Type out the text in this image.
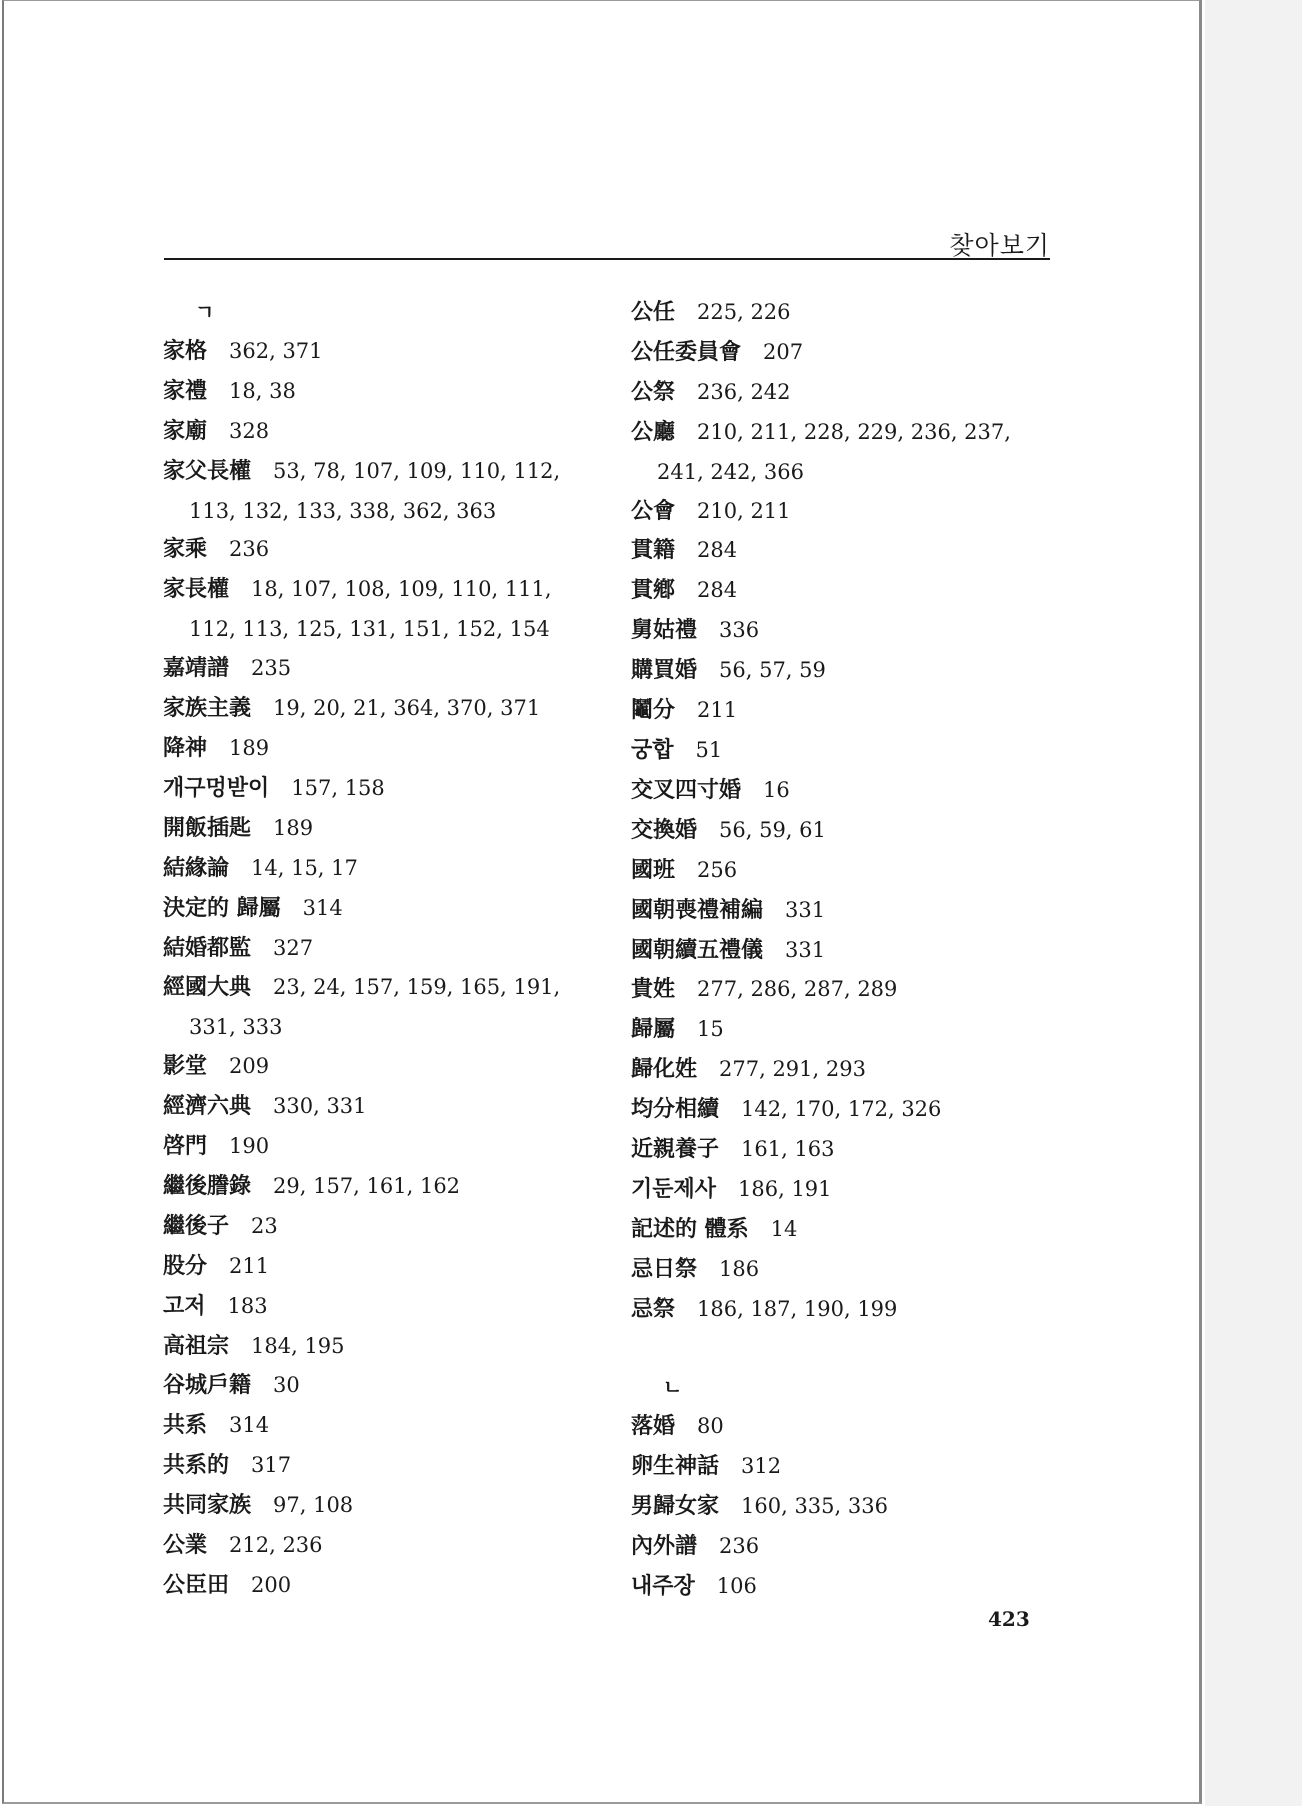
찾아보기
ㄱ
家格 362, 371
家禮 18, 38
家廟 328
家父長權 53, 78, 107, 109, 110, 112,
113, 132, 133, 338, 362, 363
家乘 236
家長權 18, 107, 108, 109, 110, 111,
112, 113, 125, 131, 151, 152, 154
嘉靖譜 235
家族主義 19, 20, 21, 364, 370, 371
降神 189
개구멍받이 157, 158
開飯插匙 189
結緣論 14, 15, 17
決定的 歸屬 314
結婚都監 327
經國大典 23, 24, 157, 159, 165, 191,
331, 333
影堂 209
經濟六典 330, 331
啓門 190
繼後謄錄 29, 157, 161, 162
繼後子 23
股分 211
고저 183
高祖宗 184, 195
谷城戶籍 30
共系 314
共系的 317
共同家族 97, 108
公業 212, 236
公臣田 200
公任 225, 226
公任委員會 207
公祭 236, 242
公廳 210, 211, 228, 229, 236, 237,
241, 242, 366
公會 210, 211
貫籍 284
貫鄕 284
舅姑禮 336
購買婚 56, 57, 59
鬮分 211
궁합 51
交叉四寸婚 16
交換婚 56, 59, 61
國班 256
國朝喪禮補編 331
國朝續五禮儀 331
貴姓 277, 286, 287, 289
歸屬 15
歸化姓 277, 291, 293
均分相續 142, 170, 172, 326
近親養子 161, 163
기둔제사 186, 191
記述的 體系 14
忌日祭 186
忌祭 186, 187, 190, 199
ㄴ
落婚 80
卵生神話 312
男歸女家 160, 335, 336
內外譜 236
내주장 106
423
